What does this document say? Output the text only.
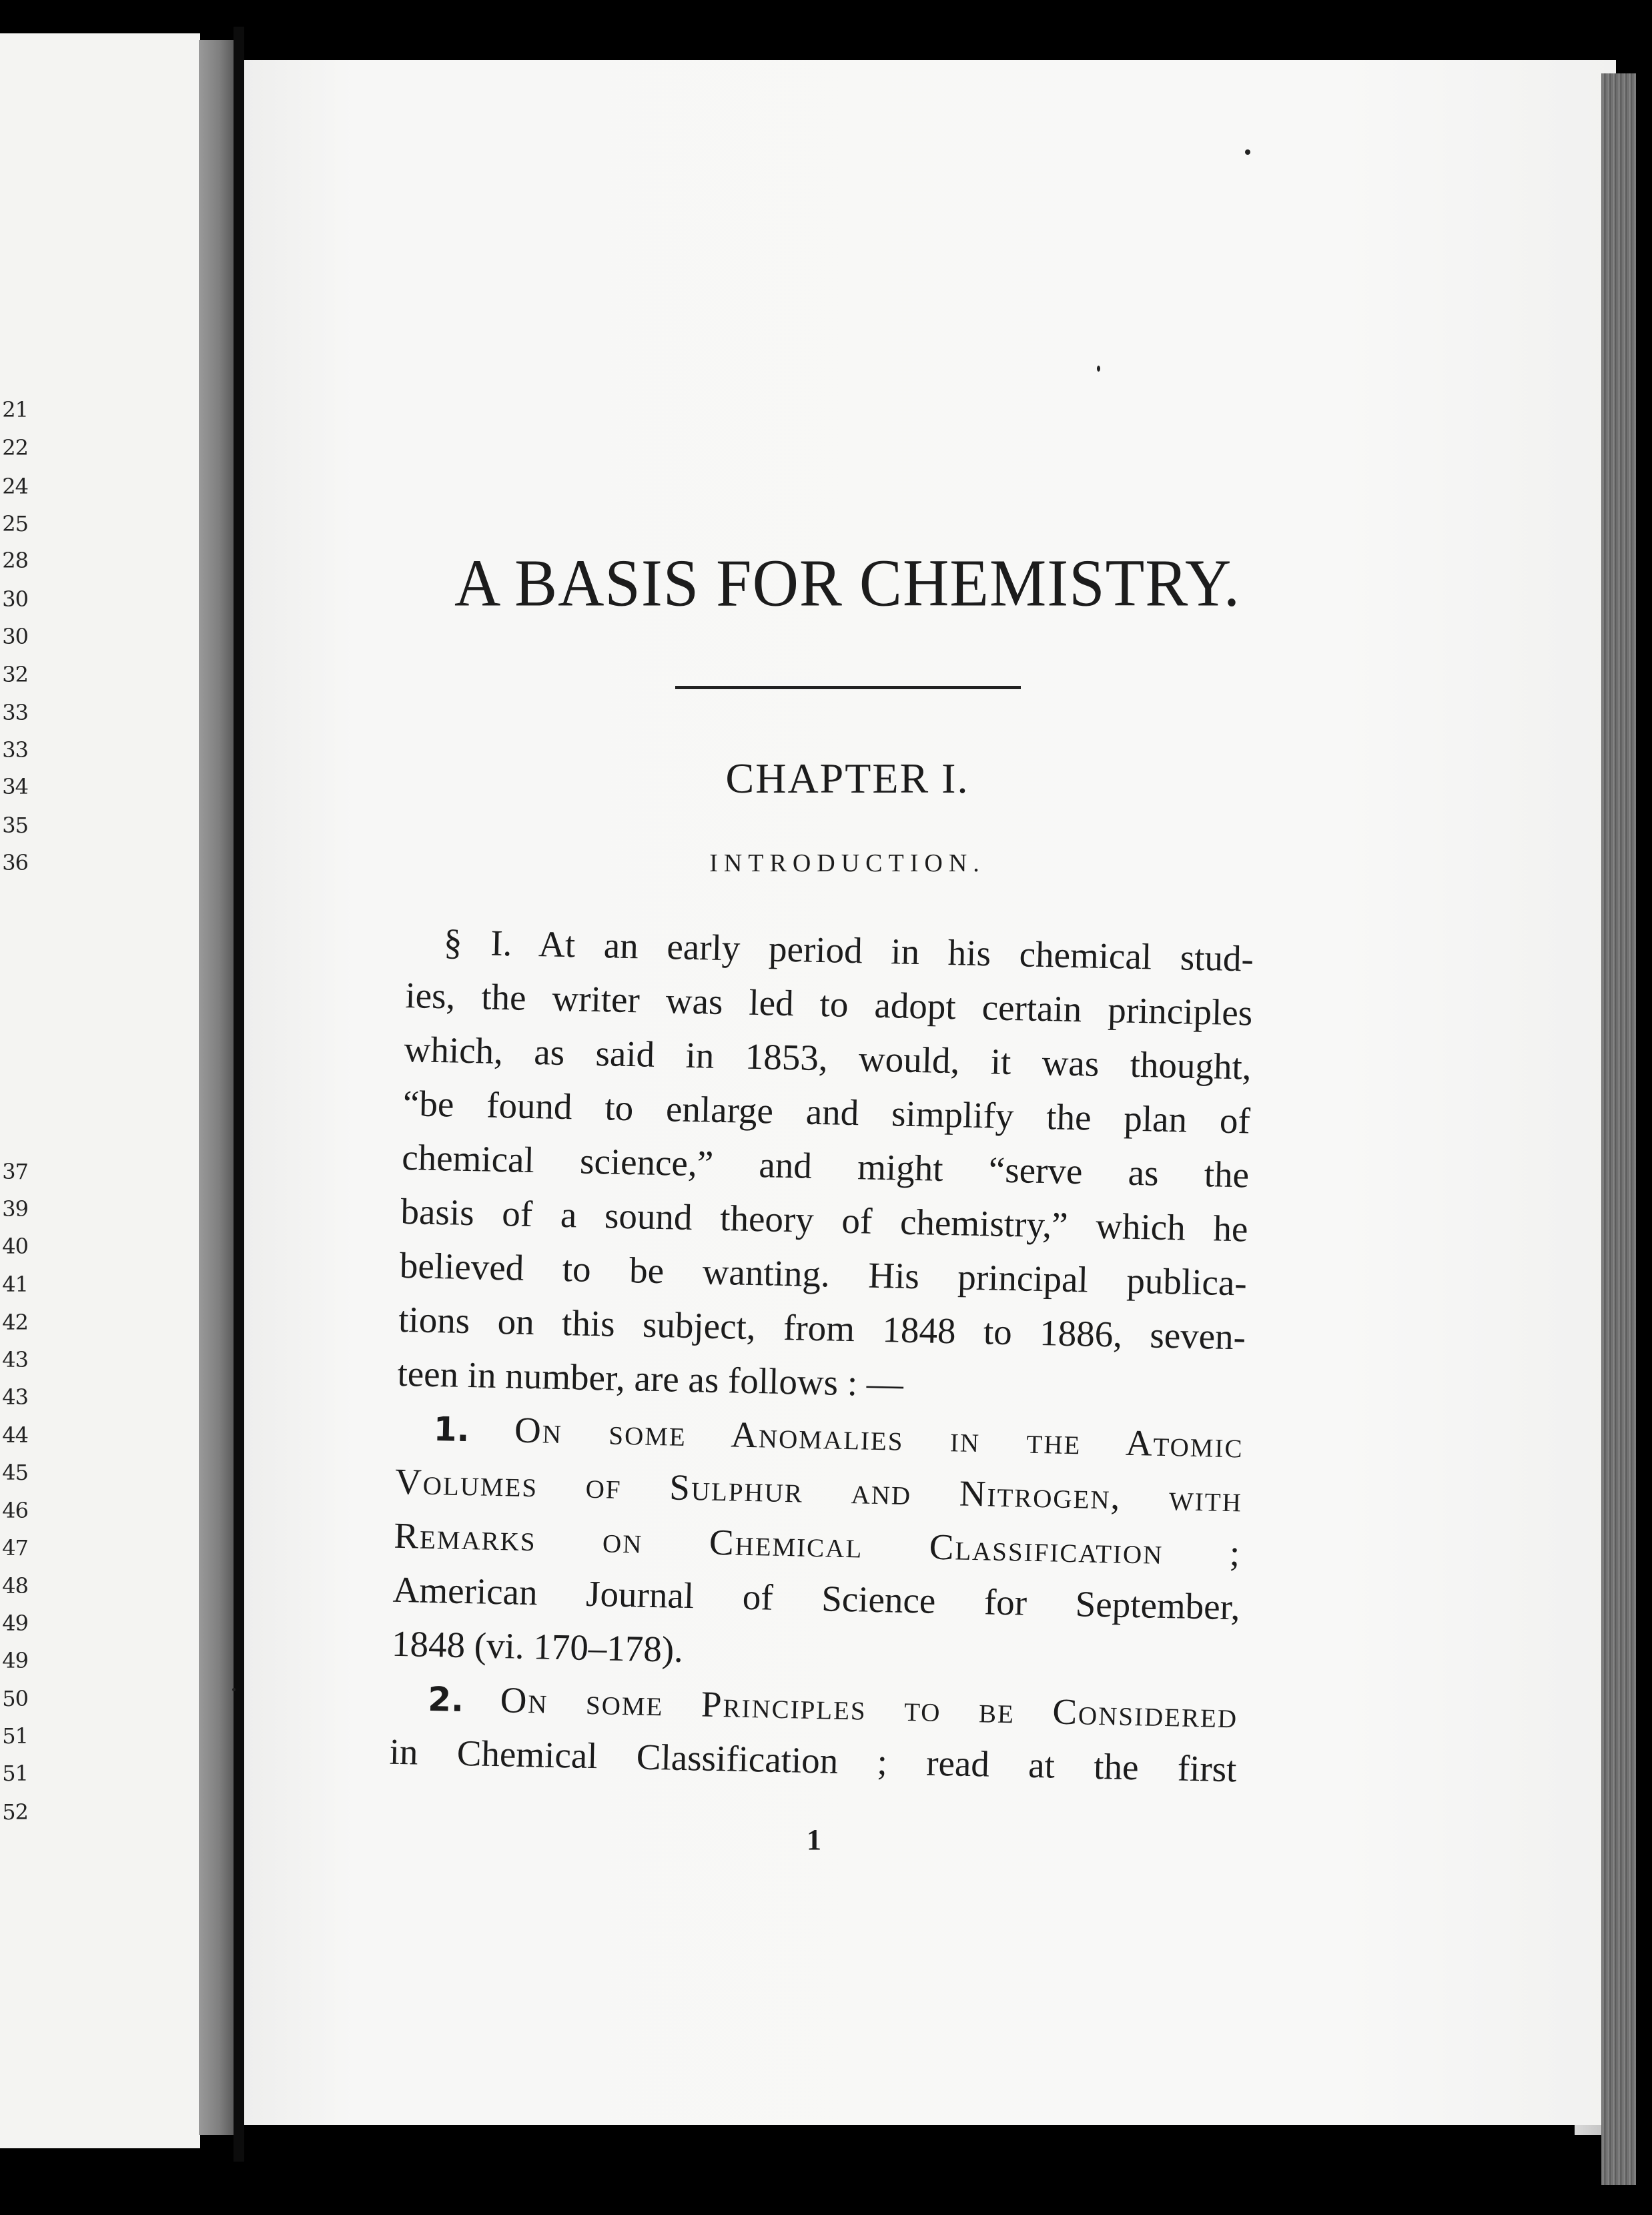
21
22
24
25
28
30
30
32
33
33
34
35
36
37
39
40
41
42
43
43
44
45
46
47
48
49
49
50
51
51
52
A BASIS FOR CHEMISTRY.
CHAPTER I.
INTRODUCTION.
§ I. At an early period in his chemical stud-
ies, the writer was led to adopt certain principles
which, as said in 1853, would, it was thought,
“be found to enlarge and simplify the plan of
chemical science,” and might “serve as the
basis of a sound theory of chemistry,” which he
believed to be wanting. His principal publica-
tions on this subject, from 1848 to 1886, seven-
teen in number, are as follows : —
1. On some Anomalies in the Atomic
Volumes of Sulphur and Nitrogen, with
Remarks on Chemical Classification ;
American Journal of Science for September,
1848 (vi. 170–178).
2. On some Principles to be Considered
in Chemical Classification ; read at the first
1
